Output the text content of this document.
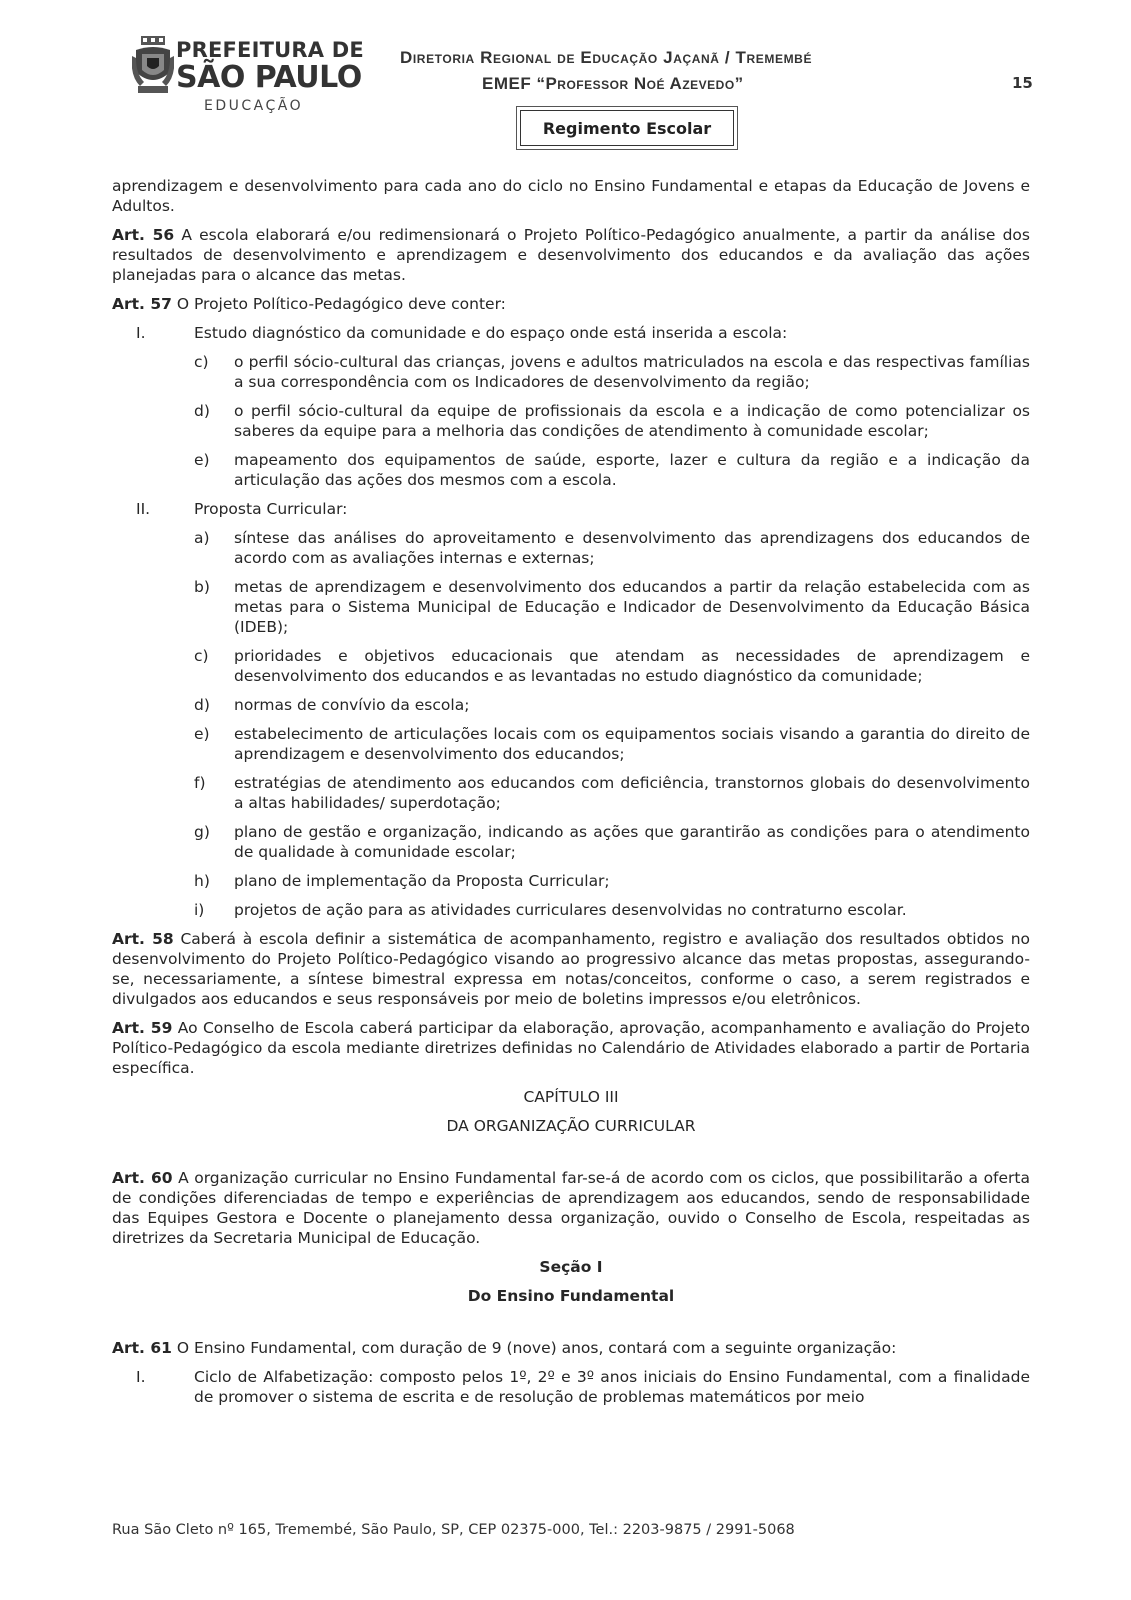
PREFEITURA DE
SÃO PAULO
EDUCAÇÃO
Diretoria Regional de Educação Jaçanã / Tremembé
EMEF “Professor Noé Azevedo”	15
Regimento Escolar

aprendizagem e desenvolvimento para cada ano do ciclo no Ensino Fundamental e etapas da Educação de Jovens e Adultos.

Art. 56 A escola elaborará e/ou redimensionará o Projeto Político-Pedagógico anualmente, a partir da análise dos resultados de desenvolvimento e aprendizagem e desenvolvimento dos educandos e da avaliação das ações planejadas para o alcance das metas.

Art. 57 O Projeto Político-Pedagógico deve conter:

I.	Estudo diagnóstico da comunidade e do espaço onde está inserida a escola:
c) o perfil sócio-cultural das crianças, jovens e adultos matriculados na escola e das respectivas famílias a sua correspondência com os Indicadores de desenvolvimento da região;
d) o perfil sócio-cultural da equipe de profissionais da escola e a indicação de como potencializar os saberes da equipe para a melhoria das condições de atendimento à comunidade escolar;
e) mapeamento dos equipamentos de saúde, esporte, lazer e cultura da região e a indicação da articulação das ações dos mesmos com a escola.
II.	Proposta Curricular:
a) síntese das análises do aproveitamento e desenvolvimento das aprendizagens dos educandos de acordo com as avaliações internas e externas;
b) metas de aprendizagem e desenvolvimento dos educandos a partir da relação estabelecida com as metas para o Sistema Municipal de Educação e Indicador de Desenvolvimento da Educação Básica (IDEB);
c) prioridades e objetivos educacionais que atendam as necessidades de aprendizagem e desenvolvimento dos educandos e as levantadas no estudo diagnóstico da comunidade;
d) normas de convívio da escola;
e) estabelecimento de articulações locais com os equipamentos sociais visando a garantia do direito de aprendizagem e desenvolvimento dos educandos;
f) estratégias de atendimento aos educandos com deficiência, transtornos globais do desenvolvimento a altas habilidades/ superdotação;
g) plano de gestão e organização, indicando as ações que garantirão as condições para o atendimento de qualidade à comunidade escolar;
h) plano de implementação da Proposta Curricular;
i) projetos de ação para as atividades curriculares desenvolvidas no contraturno escolar.

Art. 58 Caberá à escola definir a sistemática de acompanhamento, registro e avaliação dos resultados obtidos no desenvolvimento do Projeto Político-Pedagógico visando ao progressivo alcance das metas propostas, assegurando- se, necessariamente, a síntese bimestral expressa em notas/conceitos, conforme o caso, a serem registrados e divulgados aos educandos e seus responsáveis por meio de boletins impressos e/ou eletrônicos.

Art. 59 Ao Conselho de Escola caberá participar da elaboração, aprovação, acompanhamento e avaliação do Projeto Político-Pedagógico da escola mediante diretrizes definidas no Calendário de Atividades elaborado a partir de Portaria específica.

CAPÍTULO III

DA ORGANIZAÇÃO CURRICULAR

Art. 60 A organização curricular no Ensino Fundamental far-se-á de acordo com os ciclos, que possibilitarão a oferta de condições diferenciadas de tempo e experiências de aprendizagem aos educandos, sendo de responsabilidade das Equipes Gestora e Docente o planejamento dessa organização, ouvido o Conselho de Escola, respeitadas as diretrizes da Secretaria Municipal de Educação.

Seção I

Do Ensino Fundamental

Art. 61 O Ensino Fundamental, com duração de 9 (nove) anos, contará com a seguinte organização:

I.	Ciclo de Alfabetização: composto pelos 1º, 2º e 3º anos iniciais do Ensino Fundamental, com a finalidade de promover o sistema de escrita e de resolução de problemas matemáticos por meio
Rua São Cleto nº 165, Tremembé, São Paulo, SP, CEP 02375-000, Tel.: 2203-9875 / 2991-5068
